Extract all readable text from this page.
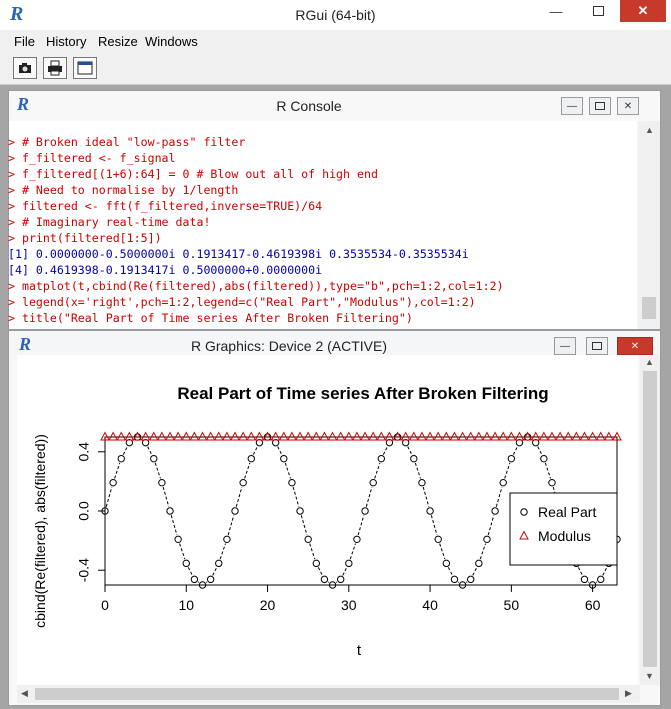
R	RGui (64-bit)	—	✕
File History Resize Windows
R	R Console	—	✕
▲
> # Broken ideal "low-pass" filter
> f_filtered <- f_signal
> f_filtered[(1+6):64] = 0 # Blow out all of high end
> # Need to normalise by 1/length
> filtered <- fft(f_filtered,inverse=TRUE)/64
> # Imaginary real-time data!
> print(filtered[1:5])
[1] 0.0000000-0.5000000i 0.1913417-0.4619398i 0.3535534-0.3535534i
[4] 0.4619398-0.1913417i 0.5000000+0.0000000i
> matplot(t,cbind(Re(filtered),abs(filtered)),type="b",pch=1:2,col=1:2)
> legend(x='right',pch=1:2,legend=c("Real Part","Modulus"),col=1:2)
> title("Real Part of Time series After Broken Filtering")
R	R Graphics: Device 2 (ACTIVE)	—	✕
Real Part of Time series After Broken Filtering
0	10	20	30	40	50	60
-0.4
0.0
0.4
t
cbind(Re(filtered), abs(filtered))	Real Part
Modulus
▲
▼
◀	▶
